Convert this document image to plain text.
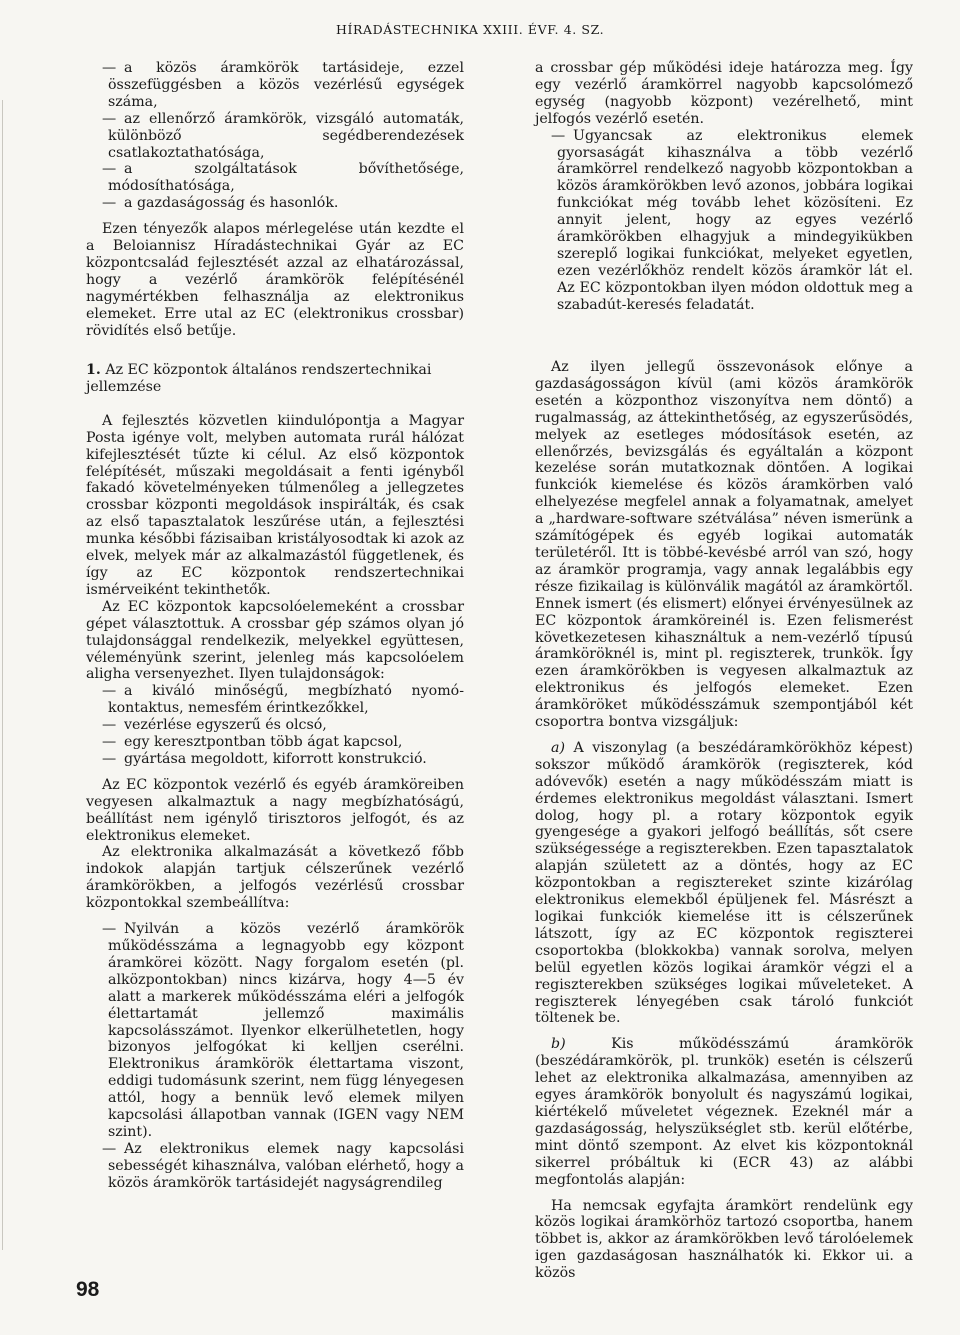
HÍRADÁSTECHNIKA XXIII. ÉVF. 4. SZ.

— a közös áramkörök tartásideje, ezzel összefüggésben a közös vezérlésű egységek száma,

— az ellenőrző áramkörök, vizsgáló automaták, különböző segédberendezések csatlakoztathatósága,

— a szolgáltatások bővíthetősége, módosíthatósága,

— a gazdaságosság és hasonlók.

Ezen tényezők alapos mérlegelése után kezdte el a Beloiannisz Híradástechnikai Gyár az EC központcsalád fejlesztését azzal az elhatározással, hogy a vezérlő áramkörök felépítésénél nagymértékben felhasználja az elektronikus elemeket. Erre utal az EC (elektronikus crossbar) rövidítés első betűje.

a crossbar gép működési ideje határozza meg. Így egy vezérlő áramkörrel nagyobb kapcsolómező egység (nagyobb központ) vezérelhető, mint jelfogós vezérlő esetén.

— Ugyancsak az elektronikus elemek gyorsaságát kihasználva a több vezérlő áramkörrel rendelkező nagyobb központokban a közös áramkörökben levő azonos, jobbára logikai funkciókat még tovább lehet közösíteni. Ez annyit jelent, hogy az egyes vezérlő áramkörökben elhagyjuk a mindegyikükben szereplő logikai funkciókat, melyeket egyetlen, ezen vezérlőkhöz rendelt közös áramkör lát el. Az EC központokban ilyen módon oldottuk meg a szabadút-keresés feladatát.

1. Az EC központok általános rendszertechnikai jellemzése

A fejlesztés közvetlen kiindulópontja a Magyar Posta igénye volt, melyben automata rurál hálózat kifejlesztését tűzte ki célul. Az első központok felépítését, műszaki megoldásait a fenti igényből fakadó követelményeken túlmenőleg a jellegzetes crossbar központi megoldások inspirálták, és csak az első tapasztalatok leszűrése után, a fejlesztési munka későbbi fázisaiban kristályosodtak ki azok az elvek, melyek már az alkalmazástól függetlenek, és így az EC központok rendszertechnikai ismérveiként tekinthetők.

Az EC központok kapcsolóelemeként a crossbar gépet választottuk. A crossbar gép számos olyan jó tulajdonsággal rendelkezik, melyekkel együttesen, véleményünk szerint, jelenleg más kapcsolóelem aligha versenyezhet. Ilyen tulajdonságok:

— a kiváló minőségű, megbízható nyomó-kontaktus, nemesfém érintkezőkkel,

— vezérlése egyszerű és olcsó,

— egy keresztpontban több ágat kapcsol,

— gyártása megoldott, kiforrott konstrukció.

Az EC központok vezérlő és egyéb áramköreiben vegyesen alkalmaztuk a nagy megbízhatóságú, beállítást nem igénylő tirisztoros jelfogót, és az elektronikus elemeket.

Az elektronika alkalmazását a következő főbb indokok alapján tartjuk célszerűnek vezérlő áramkörökben, a jelfogós vezérlésű crossbar központokkal szembeállítva:

— Nyilván a közös vezérlő áramkörök működésszáma a legnagyobb egy központ áramkörei között. Nagy forgalom esetén (pl. alközpontokban) nincs kizárva, hogy 4—5 év alatt a markerek működésszáma eléri a jelfogók élettartamát jellemző maximális kapcsolásszámot. Ilyenkor elkerülhetetlen, hogy bizonyos jelfogókat ki kelljen cserélni. Elektronikus áramkörök élettartama viszont, eddigi tudomásunk szerint, nem függ lényegesen attól, hogy a bennük levő elemek milyen kapcsolási állapotban vannak (IGEN vagy NEM szint).

— Az elektronikus elemek nagy kapcsolási sebességét kihasználva, valóban elérhető, hogy a közös áramkörök tartásidejét nagyságrendileg

Az ilyen jellegű összevonások előnye a gazdaságosságon kívül (ami közös áramkörök esetén a központhoz viszonyítva nem döntő) a rugalmasság, az áttekinthetőség, az egyszerűsödés, melyek az esetleges módosítások esetén, az ellenőrzés, bevizsgálás és egyáltalán a központ kezelése során mutatkoznak döntően. A logikai funkciók kiemelése és közös áramkörben való elhelyezése megfelel annak a folyamatnak, amelyet a „hardware-software szétválása” néven ismerünk a számítógépek és egyéb logikai automaták területéről. Itt is többé-kevésbé arról van szó, hogy az áramkör programja, vagy annak legalábbis egy része fizikailag is különválik magától az áramkörtől. Ennek ismert (és elismert) előnyei érvényesülnek az EC központok áramköreinél is. Ezen felismerést következetesen kihasználtuk a nem-vezérlő típusú áramköröknél is, mint pl. regiszterek, trunkök. Így ezen áramkörökben is vegyesen alkalmaztuk az elektronikus és jelfogós elemeket. Ezen áramköröket működésszámuk szempontjából két csoportra bontva vizsgáljuk:

a) A viszonylag (a beszédáramkörökhöz képest) sokszor működő áramkörök (regiszterek, kód adóvevők) esetén a nagy működésszám miatt is érdemes elektronikus megoldást választani. Ismert dolog, hogy pl. a rotary központok egyik gyengesége a gyakori jelfogó beállítás, sőt csere szükségessége a regiszterekben. Ezen tapasztalatok alapján született az a döntés, hogy az EC központokban a regisztereket szinte kizárólag elektronikus elemekből épüljenek fel. Másrészt a logikai funkciók kiemelése itt is célszerűnek látszott, így az EC központok regiszterei csoportokba (blokkokba) vannak sorolva, melyen belül egyetlen közös logikai áramkör végzi el a regiszterekben szükséges logikai műveleteket. A regiszterek lényegében csak tároló funkciót töltenek be.

b)	Kis működésszámú áramkörök (beszédáramkörök, pl. trunkök) esetén is célszerű lehet az elektronika alkalmazása, amennyiben az egyes áramkörök bonyolult és nagyszámú logikai, kiértékelő műveletet végeznek. Ezeknél már a gazdaságosság, helyszükséglet stb. kerül előtérbe, mint döntő szempont. Az elvet kis központoknál sikerrel próbáltuk ki (ECR 43) az alábbi megfontolás alapján:

Ha nemcsak egyfajta áramkört rendelünk egy közös logikai áramkörhöz tartozó csoportba, hanem többet is, akkor az áramkörökben levő tárolóelemek igen gazdaságosan használhatók ki. Ekkor ui. a közös

98
